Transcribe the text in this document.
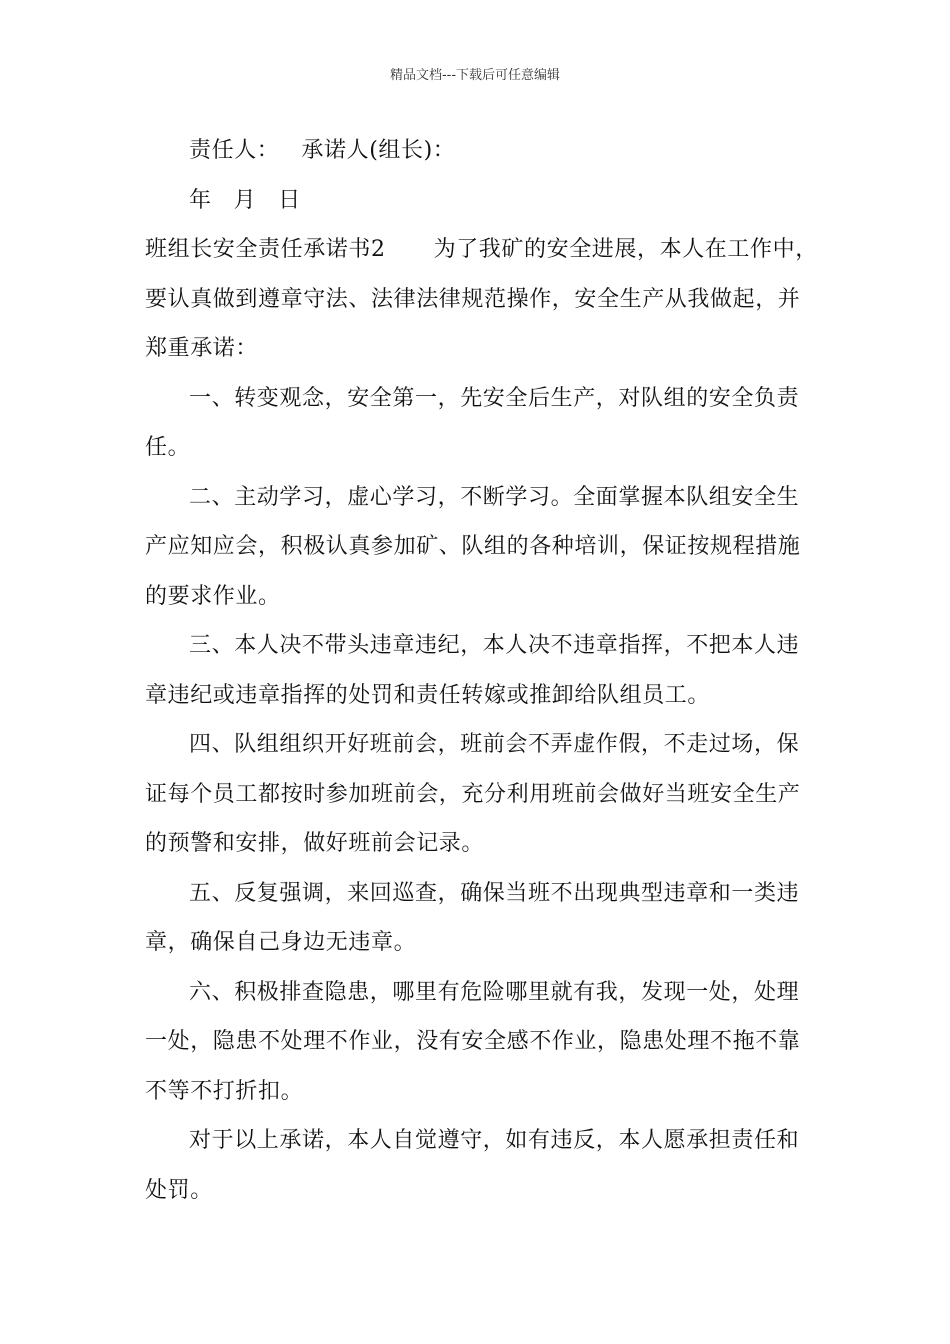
精品文档---下载后可任意编辑
责任人： 承诺人(组长)：
年 月 日
班组长安全责任承诺书2 为了我矿的安全进展，本人在工作中，
要认真做到遵章守法、法律法律规范操作，安全生产从我做起，并
郑重承诺：
一、转变观念，安全第一，先安全后生产，对队组的安全负责
任。
二、主动学习，虚心学习，不断学习。全面掌握本队组安全生
产应知应会，积极认真参加矿、队组的各种培训，保证按规程措施
的要求作业。
三、本人决不带头违章违纪，本人决不违章指挥，不把本人违
章违纪或违章指挥的处罚和责任转嫁或推卸给队组员工。
四、队组组织开好班前会，班前会不弄虚作假，不走过场，保
证每个员工都按时参加班前会，充分利用班前会做好当班安全生产
的预警和安排，做好班前会记录。
五、反复强调，来回巡查，确保当班不出现典型违章和一类违
章，确保自己身边无违章。
六、积极排查隐患，哪里有危险哪里就有我，发现一处，处理
一处，隐患不处理不作业，没有安全感不作业，隐患处理不拖不靠
不等不打折扣。
对于以上承诺，本人自觉遵守，如有违反，本人愿承担责任和
处罚。
